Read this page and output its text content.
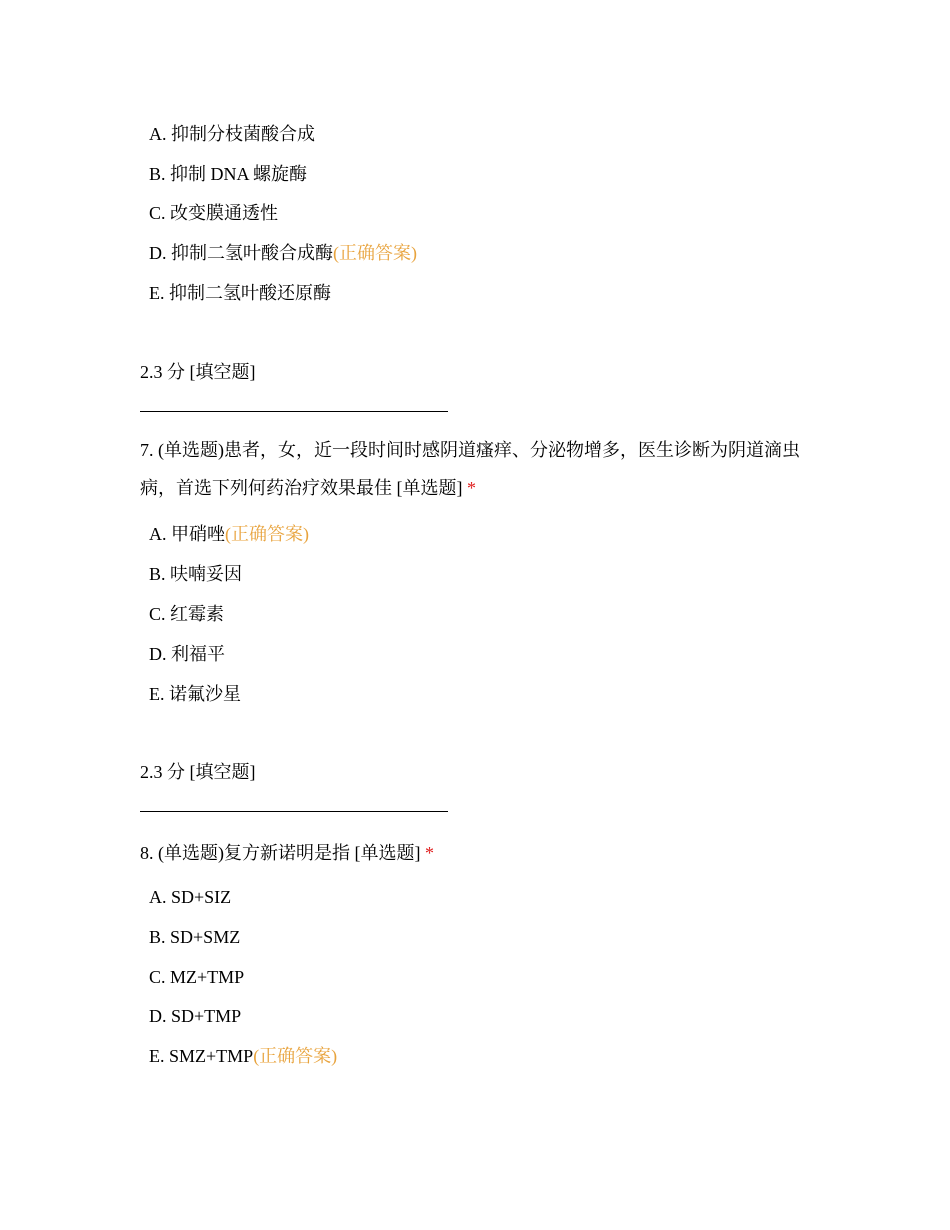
A. 抑制分枝菌酸合成
B. 抑制 DNA 螺旋酶
C. 改变膜通透性
D. 抑制二氢叶酸合成酶(正确答案)
E. 抑制二氢叶酸还原酶
2.3 分 [填空题]
7. (单选题)患者，女，近一段时间时感阴道瘙痒、分泌物增多，医生诊断为阴道滴虫病，首选下列何药治疗效果最佳 [单选题] *
A. 甲硝唑(正确答案)
B. 呋喃妥因
C. 红霉素
D. 利福平
E. 诺氟沙星
2.3 分 [填空题]
8. (单选题)复方新诺明是指 [单选题] *
A. SD+SIZ
B. SD+SMZ
C. MZ+TMP
D. SD+TMP
E. SMZ+TMP(正确答案)
